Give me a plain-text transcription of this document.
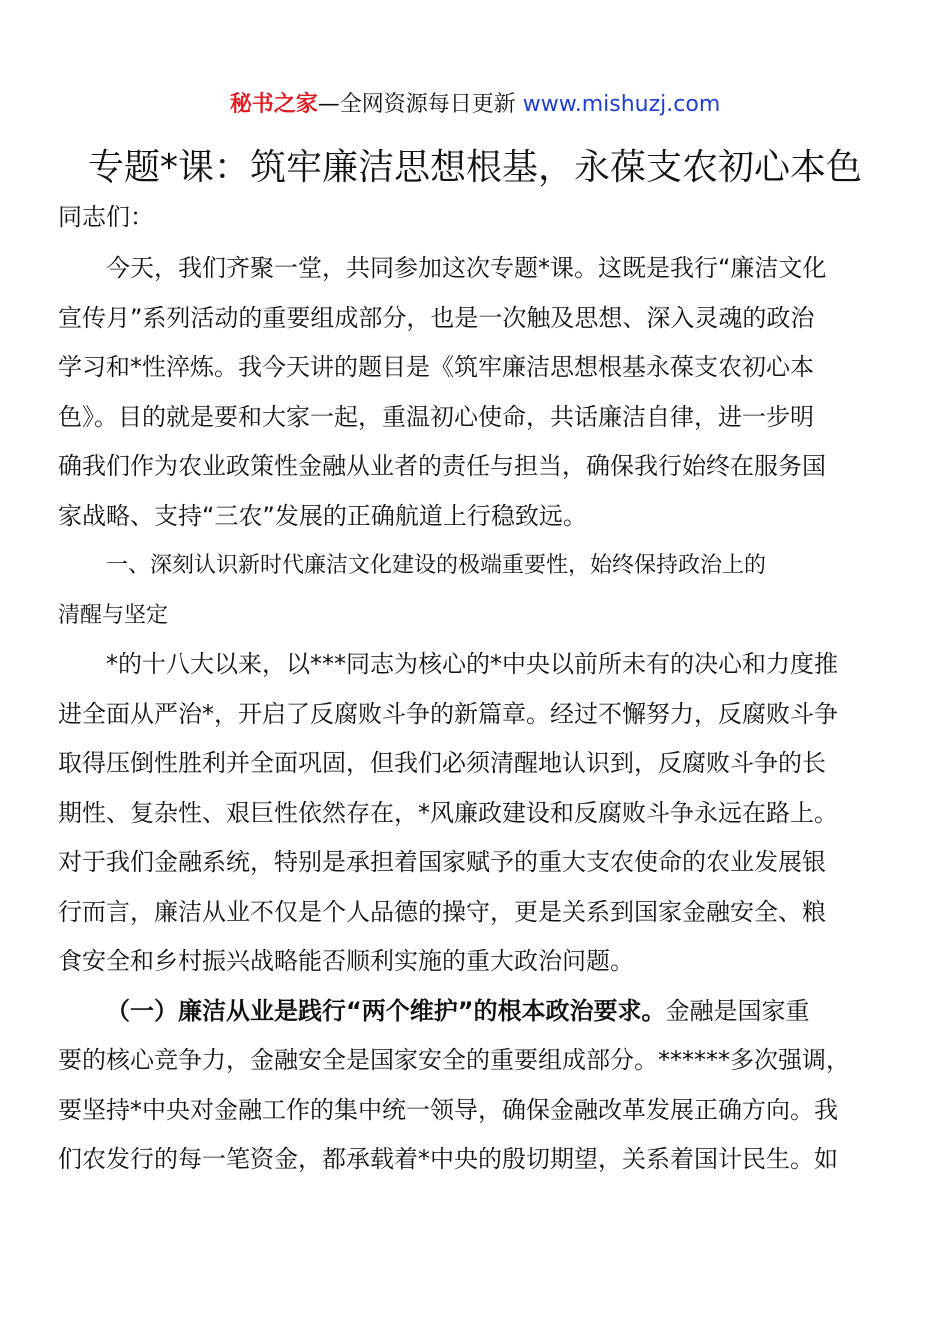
秘书之家—全网资源每日更新 www.mishuzj.com
专题*课：筑牢廉洁思想根基，永葆支农初心本色

同志们：

今天，我们齐聚一堂，共同参加这次专题*课。这既是我行“廉洁文化

宣传月”系列活动的重要组成部分，也是一次触及思想、深入灵魂的政治

学习和*性淬炼。我今天讲的题目是《筑牢廉洁思想根基永葆支农初心本

色》。目的就是要和大家一起，重温初心使命，共话廉洁自律，进一步明

确我们作为农业政策性金融从业者的责任与担当，确保我行始终在服务国

家战略、支持“三农”发展的正确航道上行稳致远。

一、深刻认识新时代廉洁文化建设的极端重要性，始终保持政治上的

清醒与坚定

*的十八大以来，以***同志为核心的*中央以前所未有的决心和力度推

进全面从严治*，开启了反腐败斗争的新篇章。经过不懈努力，反腐败斗争

取得压倒性胜利并全面巩固，但我们必须清醒地认识到，反腐败斗争的长

期性、复杂性、艰巨性依然存在，*风廉政建设和反腐败斗争永远在路上。

对于我们金融系统，特别是承担着国家赋予的重大支农使命的农业发展银

行而言，廉洁从业不仅是个人品德的操守，更是关系到国家金融安全、粮

食安全和乡村振兴战略能否顺利实施的重大政治问题。

（一）廉洁从业是践行“两个维护”的根本政治要求。金融是国家重

要的核心竞争力，金融安全是国家安全的重要组成部分。******多次强调，

要坚持*中央对金融工作的集中统一领导，确保金融改革发展正确方向。我

们农发行的每一笔资金，都承载着*中央的殷切期望，关系着国计民生。如
